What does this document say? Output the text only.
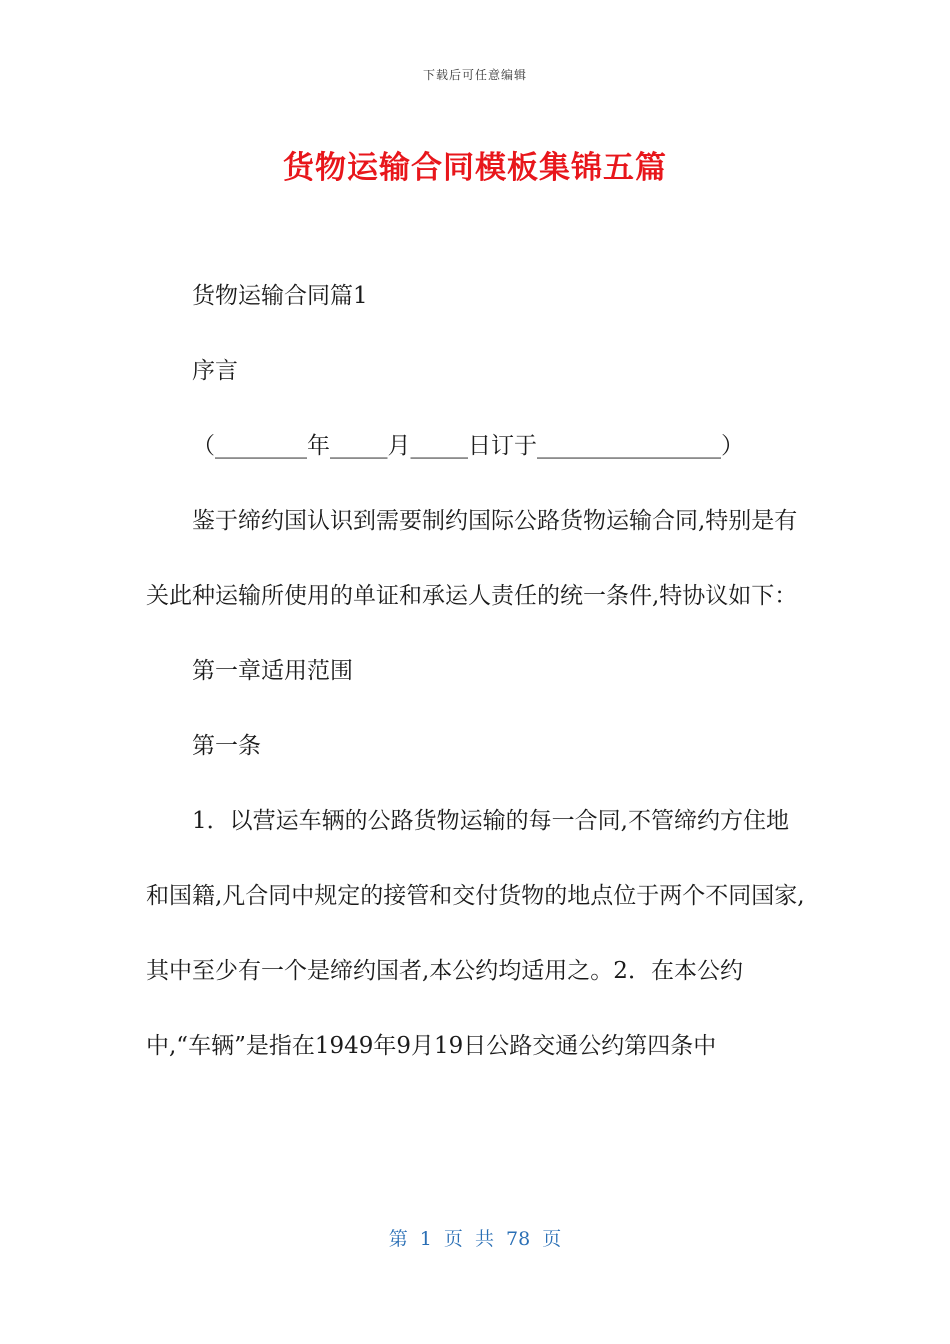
下载后可任意编辑
货物运输合同模板集锦五篇

货物运输合同篇1

序言

（________年_____月_____日订于________________）

鉴于缔约国认识到需要制约国际公路货物运输合同,特别是有关此种运输所使用的单证和承运人责任的统一条件,特协议如下：

第一章适用范围

第一条

1．以营运车辆的公路货物运输的每一合同,不管缔约方住地和国籍,凡合同中规定的接管和交付货物的地点位于两个不同国家,其中至少有一个是缔约国者,本公约均适用之。2．在本公约中,“车辆”是指在1949年9月19日公路交通公约第四条中

第 1 页 共 78 页
